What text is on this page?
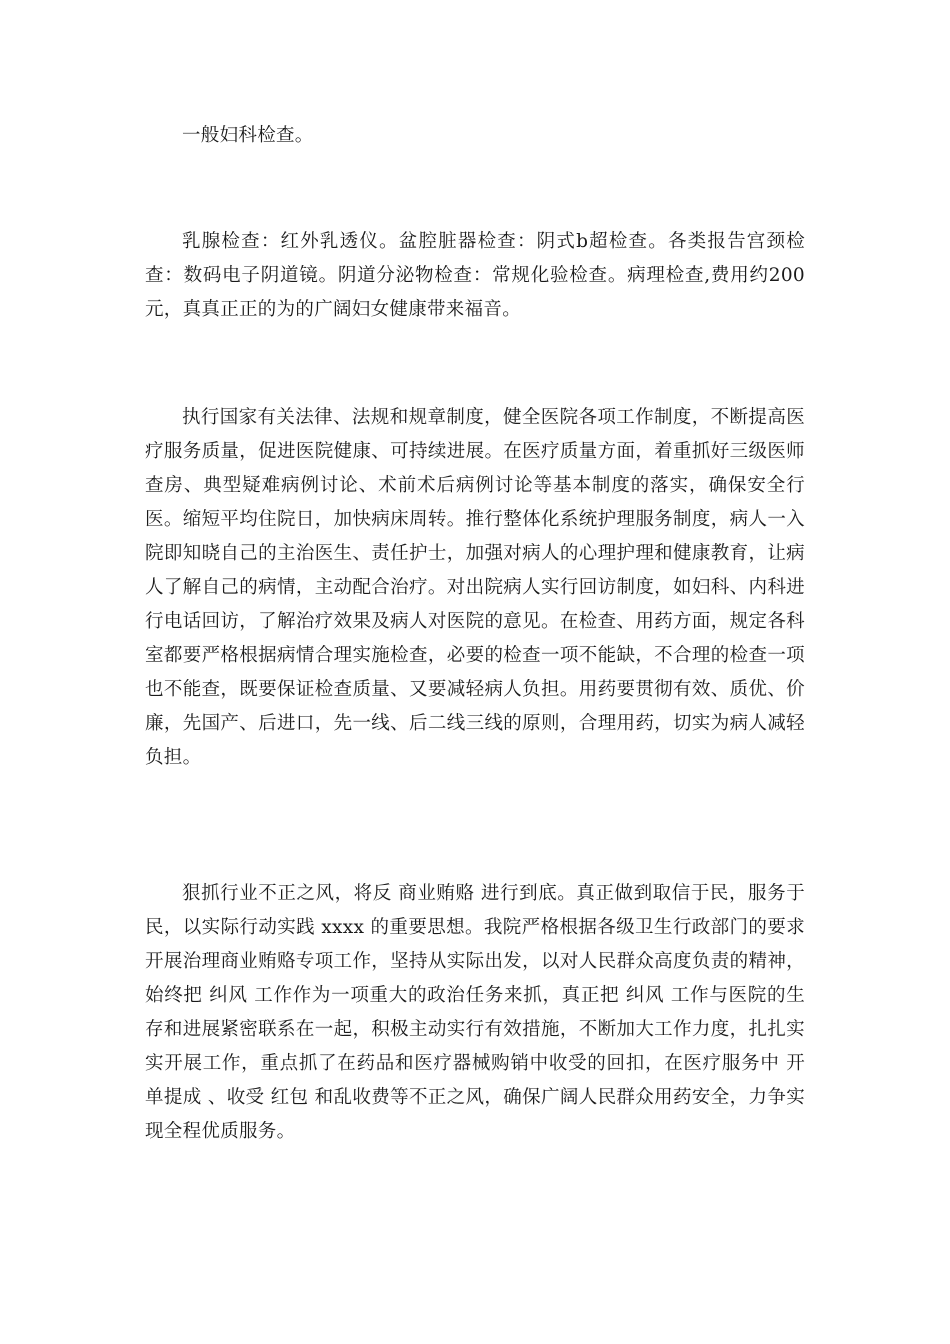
一般妇科检查。

乳腺检查：红外乳透仪。盆腔脏器检查：阴式b超检查。各类报告宫颈检查：数码电子阴道镜。阴道分泌物检查：常规化验检查。病理检查,费用约200元，真真正正的为的广阔妇女健康带来福音。

执行国家有关法律、法规和规章制度，健全医院各项工作制度，不断提高医疗服务质量，促进医院健康、可持续进展。在医疗质量方面，着重抓好三级医师查房、典型疑难病例讨论、术前术后病例讨论等基本制度的落实，确保安全行医。缩短平均住院日，加快病床周转。推行整体化系统护理服务制度，病人一入院即知晓自己的主治医生、责任护士，加强对病人的心理护理和健康教育，让病人了解自己的病情，主动配合治疗。对出院病人实行回访制度，如妇科、内科进行电话回访，了解治疗效果及病人对医院的意见。在检查、用药方面，规定各科室都要严格根据病情合理实施检查，必要的检查一项不能缺，不合理的检查一项也不能查，既要保证检查质量、又要减轻病人负担。用药要贯彻有效、质优、价廉，先国产、后进口，先一线、后二线三线的原则，合理用药，切实为病人减轻负担。

狠抓行业不正之风，将反 商业贿赂 进行到底。真正做到取信于民，服务于民，以实际行动实践 xxxx 的重要思想。我院严格根据各级卫生行政部门的要求开展治理商业贿赂专项工作，坚持从实际出发，以对人民群众高度负责的精神，始终把 纠风 工作作为一项重大的政治任务来抓，真正把 纠风 工作与医院的生存和进展紧密联系在一起，积极主动实行有效措施，不断加大工作力度，扎扎实实开展工作，重点抓了在药品和医疗器械购销中收受的回扣，在医疗服务中 开单提成 、收受 红包 和乱收费等不正之风，确保广阔人民群众用药安全，力争实现全程优质服务。
